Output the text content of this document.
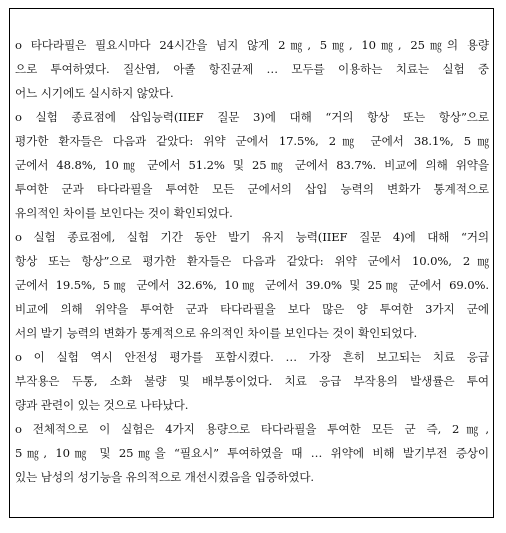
o 타다라필은 필요시마다 24시간을 넘지 않게 2㎎, 5㎎, 10㎎, 25㎎의 용량
으로 투여하였다. 질산염, 아졸 항진균제 … 모두를 이용하는 치료는 실험 중
어느 시기에도 실시하지 않았다.
o 실험 종료점에 삽입능력(IIEF 질문 3)에 대해 “거의 항상 또는 항상”으로
평가한 환자들은 다음과 같았다: 위약 군에서 17.5%, 2㎎ 군에서 38.1%, 5㎎
군에서 48.8%, 10㎎ 군에서 51.2% 및 25㎎ 군에서 83.7%. 비교에 의해 위약을
투여한 군과 타다라필을 투여한 모든 군에서의 삽입 능력의 변화가 통계적으로
유의적인 차이를 보인다는 것이 확인되었다.
o 실험 종료점에, 실험 기간 동안 발기 유지 능력(IIEF 질문 4)에 대해 “거의
항상 또는 항상”으로 평가한 환자들은 다음과 같았다: 위약 군에서 10.0%, 2㎎
군에서 19.5%, 5㎎ 군에서 32.6%, 10㎎ 군에서 39.0% 및 25㎎ 군에서 69.0%.
비교에 의해 위약을 투여한 군과 타다라필을 보다 많은 양 투여한 3가지 군에
서의 발기 능력의 변화가 통계적으로 유의적인 차이를 보인다는 것이 확인되었다.
o 이 실험 역시 안전성 평가를 포함시켰다. … 가장 흔히 보고되는 치료 응급
부작용은 두통, 소화 불량 및 배부통이었다. 치료 응급 부작용의 발생률은 투여
량과 관련이 있는 것으로 나타났다.
o 전체적으로 이 실험은 4가지 용량으로 타다라필을 투여한 모든 군 즉, 2㎎,
5㎎, 10㎎ 및 25㎎을 “필요시” 투여하였을 때 … 위약에 비해 발기부전 증상이
있는 남성의 성기능을 유의적으로 개선시켰음을 입증하였다.
